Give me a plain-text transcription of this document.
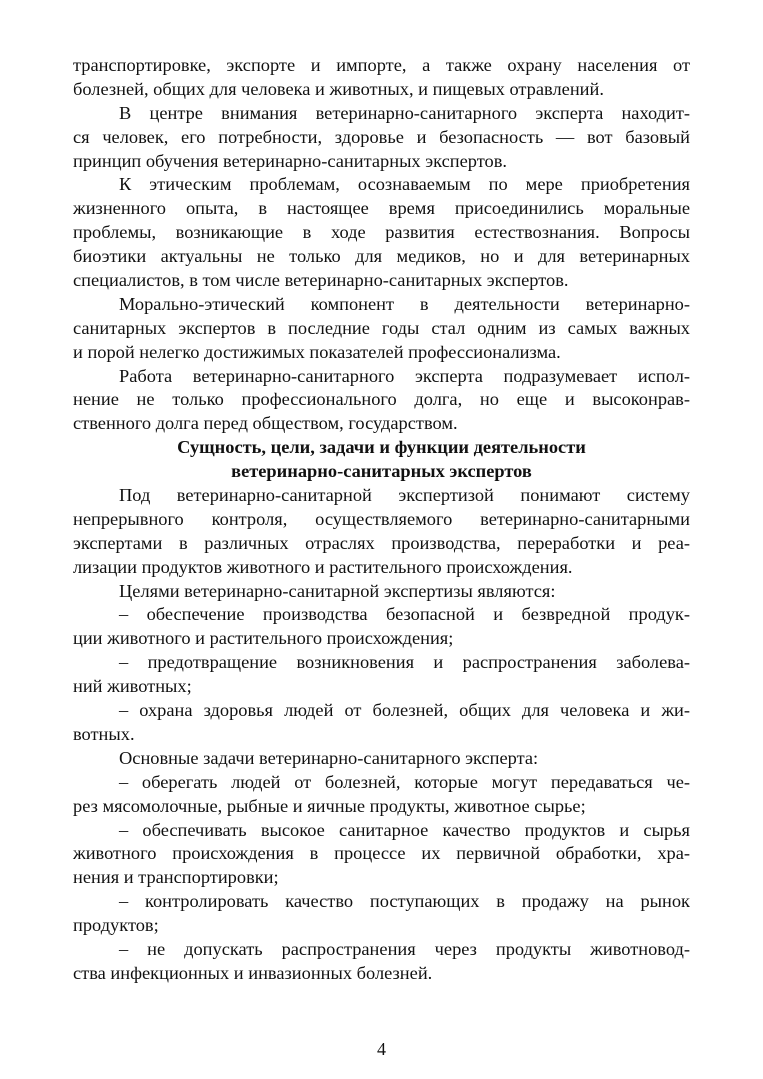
транспортировке, экспорте и импорте, а также охрану населения от
болезней, общих для человека и животных, и пищевых отравлений.
В центре внимания ветеринарно-санитарного эксперта находит-
ся человек, его потребности, здоровье и безопасность — вот базовый
принцип обучения ветеринарно-санитарных экспертов.
К этическим проблемам, осознаваемым по мере приобретения
жизненного опыта, в настоящее время присоединились моральные
проблемы, возникающие в ходе развития естествознания. Вопросы
биоэтики актуальны не только для медиков, но и для ветеринарных
специалистов, в том числе ветеринарно-санитарных экспертов.
Морально-этический компонент в деятельности ветеринарно-
санитарных экспертов в последние годы стал одним из самых важных
и порой нелегко достижимых показателей профессионализма.
Работа ветеринарно-санитарного эксперта подразумевает испол-
нение не только профессионального долга, но еще и высоконрав-
ственного долга перед обществом, государством.
Сущность, цели, задачи и функции деятельности
ветеринарно-санитарных экспертов
Под ветеринарно-санитарной экспертизой понимают систему
непрерывного контроля, осуществляемого ветеринарно-санитарными
экспертами в различных отраслях производства, переработки и реа-
лизации продуктов животного и растительного происхождения.
Целями ветеринарно-санитарной экспертизы являются:
– обеспечение производства безопасной и безвредной продук-
ции животного и растительного происхождения;
– предотвращение возникновения и распространения заболева-
ний животных;
– охрана здоровья людей от болезней, общих для человека и жи-
вотных.
Основные задачи ветеринарно-санитарного эксперта:
– оберегать людей от болезней, которые могут передаваться че-
рез мясомолочные, рыбные и яичные продукты, животное сырье;
– обеспечивать высокое санитарное качество продуктов и сырья
животного происхождения в процессе их первичной обработки, хра-
нения и транспортировки;
– контролировать качество поступающих в продажу на рынок
продуктов;
– не допускать распространения через продукты животновод-
ства инфекционных и инвазионных болезней.
4
